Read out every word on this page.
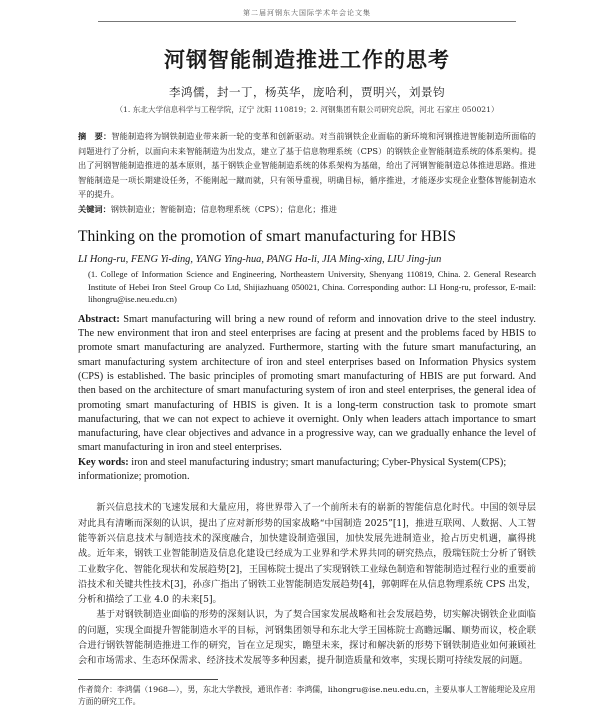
第二届河钢东大国际学术年会论文集
河钢智能制造推进工作的思考
李鸿儒，封一丁，杨英华，庞哈利，贾明兴，刘景钧
（1. 东北大学信息科学与工程学院，辽宁 沈阳 110819；2. 河钢集团有限公司研究总院，河北 石家庄 050021）

摘　要：智能制造将为钢铁制造业带来新一轮的变革和创新驱动。对当前钢铁企业面临的新环境和河钢推进智能制造所面临的问题进行了分析，以面向未来智能制造为出发点，建立了基于信息物理系统（CPS）的钢铁企业智能制造系统的体系架构。提出了河钢智能制造推进的基本原则，基于钢铁企业智能制造系统的体系架构为基础，给出了河钢智能制造总体推进思路。推进智能制造是一项长期建设任务，不能刚起一蹴而就，只有领导重视，明确目标，循序推进，才能逐步实现企业整体智能制造水平的提升。

关键词：钢铁制造业；智能制造；信息物理系统（CPS）；信息化；推进

Thinking on the promotion of smart manufacturing for HBIS
LI Hong-ru, FENG Yi-ding, YANG Ying-hua, PANG Ha-li, JIA Ming-xing, LIU Jing-jun
(1. College of Information Science and Engineering, Northeastern University, Shenyang 110819, China. 2. General Research Institute of Hebei Iron Steel Group Co Ltd, Shijiazhuang 050021, China. Corresponding author: LI Hong-ru, professor, E-mail: lihongru@ise.neu.edu.cn)

Abstract: Smart manufacturing will bring a new round of reform and innovation drive to the steel industry. The new environment that iron and steel enterprises are facing at present and the problems faced by HBIS to promote smart manufacturing are analyzed. Furthermore, starting with the future smart manufacturing, an smart manufacturing system architecture of iron and steel enterprises based on Information Physics system (CPS) is established. The basic principles of promoting smart manufacturing of HBIS are put forward. And then based on the architecture of smart manufacturing system of iron and steel enterprises, the general idea of promoting smart manufacturing of HBIS is given. It is a long-term construction task to promote smart manufacturing, that we can not expect to achieve it overnight. Only when leaders attach importance to smart manufacturing, have clear objectives and advance in a progressive way, can we gradually enhance the level of smart manufacturing in iron and steel enterprises.

Key words: iron and steel manufacturing industry; smart manufacturing; Cyber-Physical System(CPS); informationize; promotion.

新兴信息技术的飞速发展和大量应用，将世界带入了一个前所未有的崭新的智能信息化时代。中国的领导层对此具有清晰而深刻的认识，提出了应对新形势的国家战略“中国制造 2025”[1]，推进互联网、人数据、人工智能等新兴信息技术与制造技术的深度融合，加快建设制造强国，加快发展先进制造业，抢占历史机遇，赢得挑战。近年来，钢铁工业智能制造及信息化建设已经成为工业界和学术界共同的研究热点，殷瑞钰院士分析了钢铁工业数字化、智能化现状和发展趋势[2]，王国栋院士提出了实现钢铁工业绿色制造和智能制造过程行业的重要前沿技术和关键共性技术[3]，孙彦广指出了钢铁工业智能制造发展趋势[4]，郭朝晖在从信息物理系统 CPS 出发，分析和描绘了工业 4.0 的未来[5]。

基于对钢铁制造业面临的形势的深刻认识，为了契合国家发展战略和社会发展趋势，切实解决钢铁企业面临的问题，实现全面提升智能制造水平的目标，河钢集团领导和东北大学王国栋院士高瞻远瞩、顺势而议，校企联合进行钢铁智能制造推进工作的研究，旨在立足现实，瞻望未来，探讨和解决新的形势下钢铁制造业如何兼顾社会和市场需求、生态环保需求、经济技术发展等多种因素，提升制造质量和效率，实现长期可持续发展的问题。

作者简介：李鸿儒（1968—），男，东北大学教授，通讯作者：李鸿儒，lihongru@ise.neu.edu.cn，主要从事人工智能理论及应用方面的研究工作。
